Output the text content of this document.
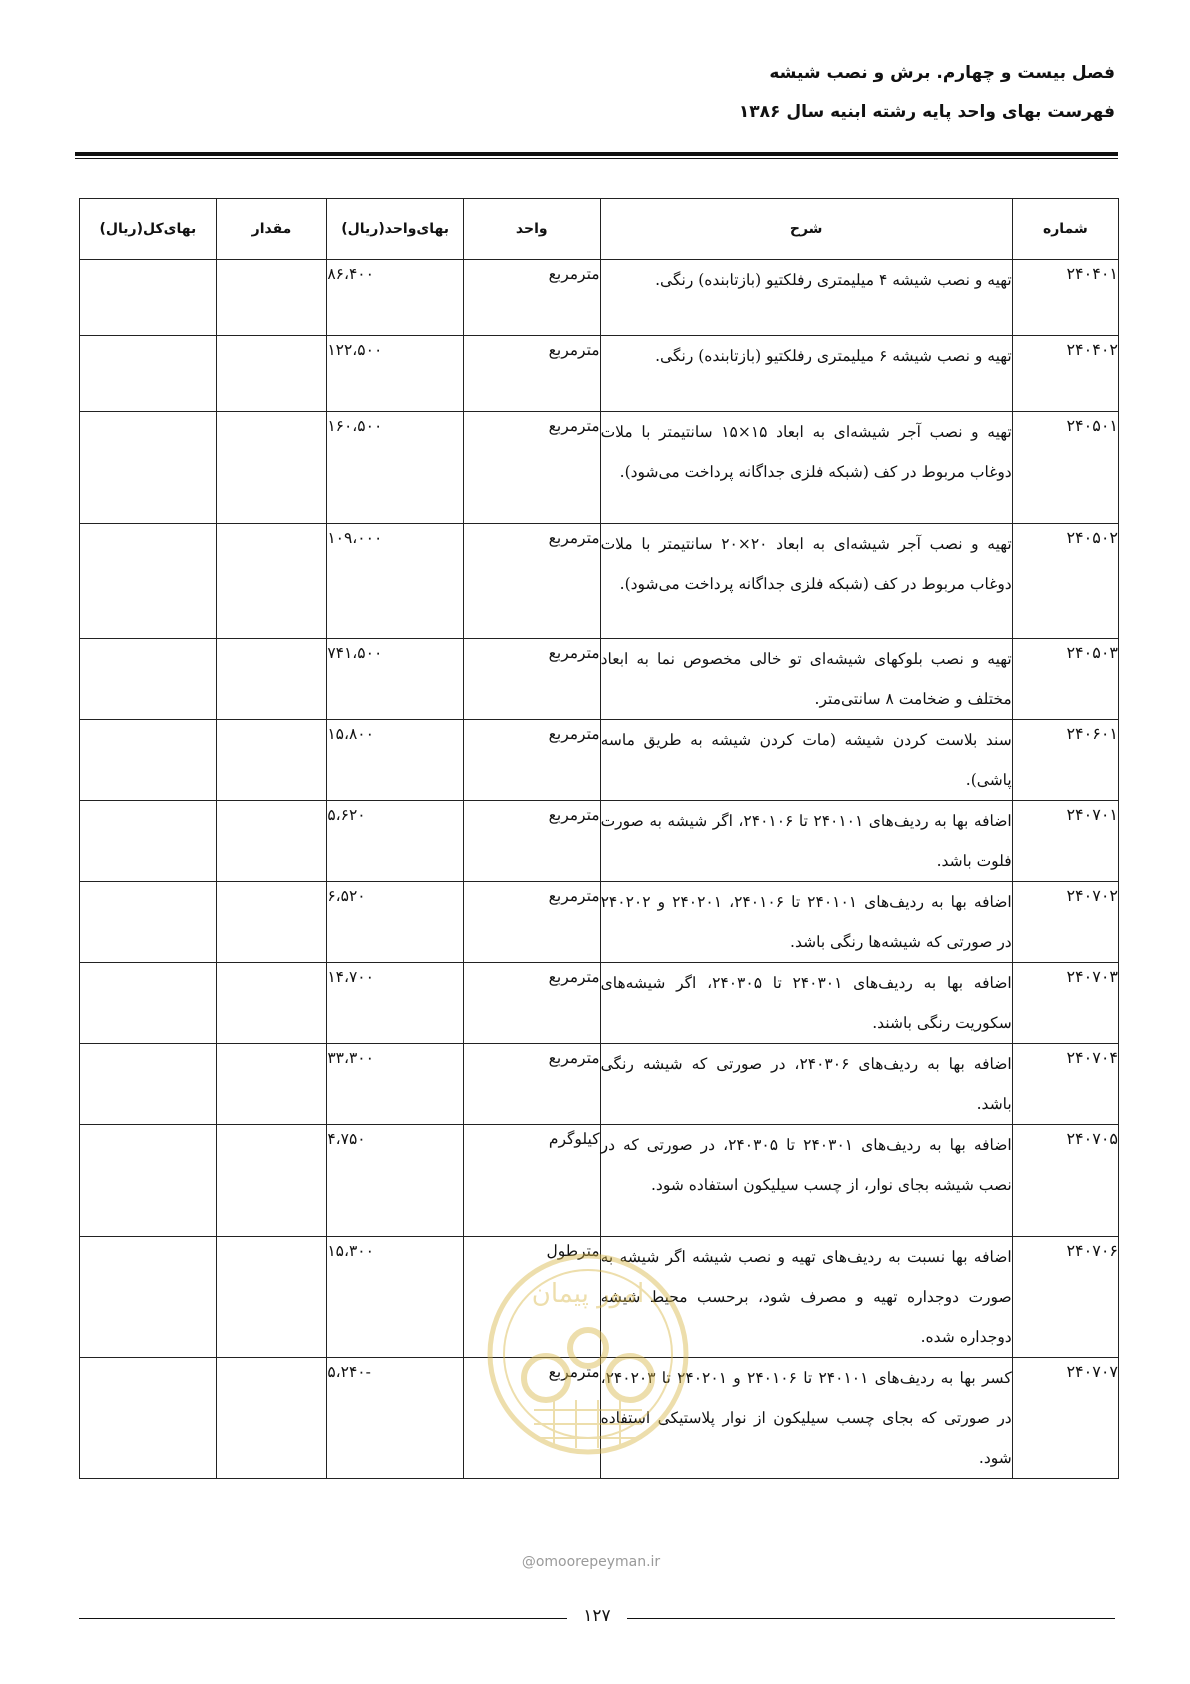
فصل بیست و چهارم. برش و نصب شیشه

فهرست بهای واحد پایه رشته ابنیه سال ۱۳۸۶

شماره	شرح	واحد	بهای‌واحد(ریال)	مقدار	بهای‌کل(ریال)
۲۴۰۴۰۱	تهیه و نصب شیشه ۴ میلیمتری رفلکتیو (بازتابنده) رنگی.	مترمربع	۸۶،۴۰۰		
۲۴۰۴۰۲	تهیه و نصب شیشه ۶ میلیمتری رفلکتیو (بازتابنده) رنگی.	مترمربع	۱۲۲،۵۰۰		
۲۴۰۵۰۱	تهیه و نصب آجر شیشه‌ای به ابعاد ۱۵×۱۵ سانتیمتر با ملات دوغاب مربوط در کف (شبکه فلزی جداگانه پرداخت می‌شود).	مترمربع	۱۶۰،۵۰۰		
۲۴۰۵۰۲	تهیه و نصب آجر شیشه‌ای به ابعاد ۲۰×۲۰ سانتیمتر با ملات دوغاب مربوط در کف (شبکه فلزی جداگانه پرداخت می‌شود).	مترمربع	۱۰۹،۰۰۰		
۲۴۰۵۰۳	تهیه و نصب بلوکهای شیشه‌ای تو خالی مخصوص نما به ابعاد مختلف و ضخامت ۸ سانتی‌متر.	مترمربع	۷۴۱،۵۰۰		
۲۴۰۶۰۱	سند بلاست کردن شیشه (مات کردن شیشه به طریق ماسه پاشی).	مترمربع	۱۵،۸۰۰		
۲۴۰۷۰۱	اضافه بها به ردیف‌های ۲۴۰۱۰۱ تا ۲۴۰۱۰۶، اگر شیشه به صورت فلوت باشد.	مترمربع	۵،۶۲۰		
۲۴۰۷۰۲	اضافه بها به ردیف‌های ۲۴۰۱۰۱ تا ۲۴۰۱۰۶، ۲۴۰۲۰۱ و ۲۴۰۲۰۲ در صورتی که شیشه‌ها رنگی باشد.	مترمربع	۶،۵۲۰		
۲۴۰۷۰۳	اضافه بها به ردیف‌های ۲۴۰۳۰۱ تا ۲۴۰۳۰۵، اگر شیشه‌های سکوریت رنگی باشند.	مترمربع	۱۴،۷۰۰		
۲۴۰۷۰۴	اضافه بها به ردیف‌های ۲۴۰۳۰۶، در صورتی که شیشه رنگی باشد.	مترمربع	۳۳،۳۰۰		
۲۴۰۷۰۵	اضافه بها به ردیف‌های ۲۴۰۳۰۱ تا ۲۴۰۳۰۵، در صورتی که در نصب شیشه بجای نوار، از چسب سیلیکون استفاده شود.	کیلوگرم	۴،۷۵۰		
۲۴۰۷۰۶	اضافه بها نسبت به ردیف‌های تهیه و نصب شیشه اگر شیشه به صورت دوجداره تهیه و مصرف شود، برحسب محیط شیشه دوجداره شده.	مترطول	۱۵،۳۰۰		
۲۴۰۷۰۷	کسر بها به ردیف‌های ۲۴۰۱۰۱ تا ۲۴۰۱۰۶ و ۲۴۰۲۰۱ تا ۲۴۰۲۰۳، در صورتی که بجای چسب سیلیکون از نوار پلاستیکی استفاده شود.	مترمربع	-۵،۲۴۰		
امور پیمان
@omoorepeyman.ir
۱۲۷
